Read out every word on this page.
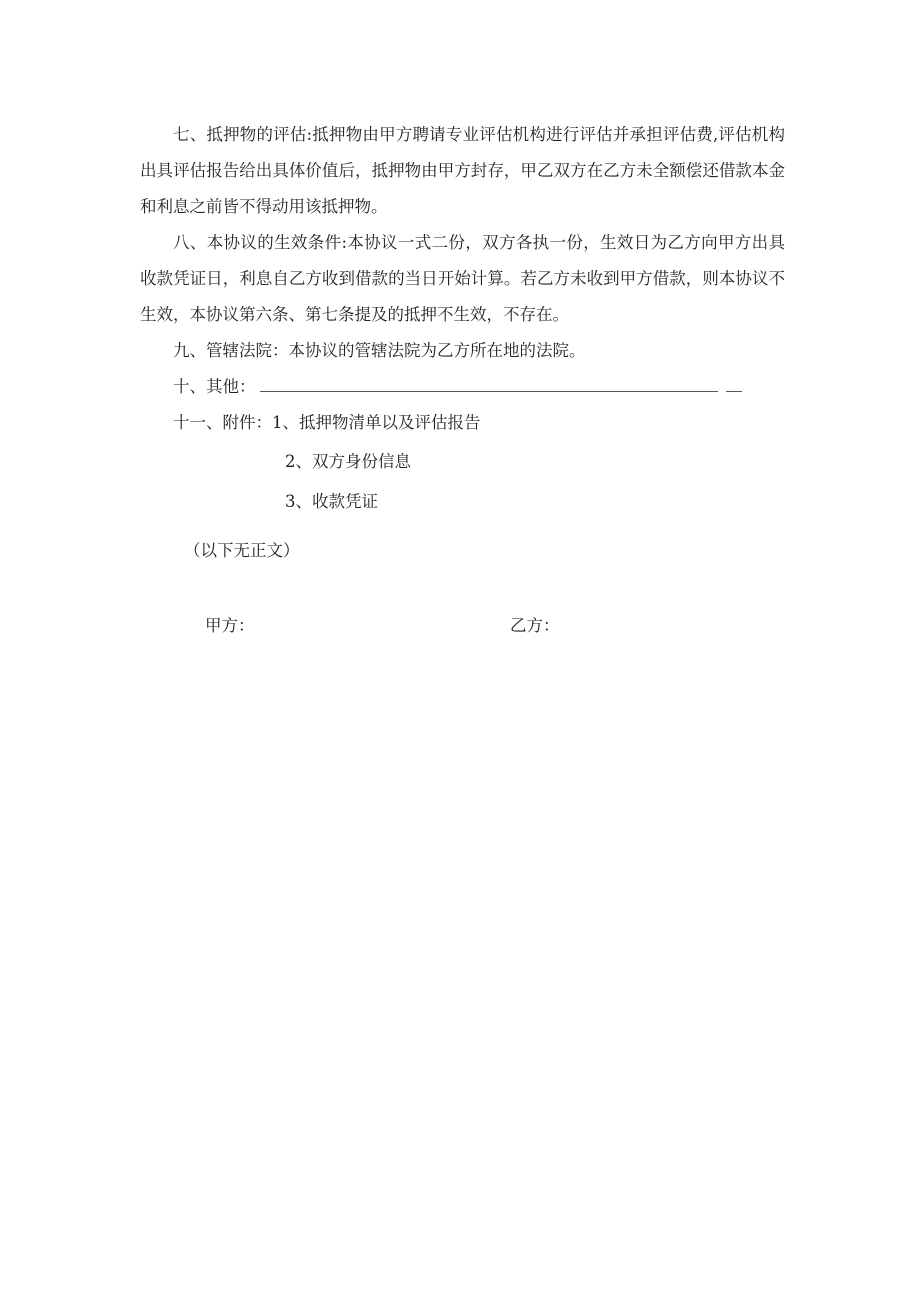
七、抵押物的评估:抵押物由甲方聘请专业评估机构进行评估并承担评估费,评估机构出具评估报告给出具体价值后，抵押物由甲方封存，甲乙双方在乙方未全额偿还借款本金和利息之前皆不得动用该抵押物。

八、本协议的生效条件:本协议一式二份，双方各执一份，生效日为乙方向甲方出具收款凭证日，利息自乙方收到借款的当日开始计算。若乙方未收到甲方借款，则本协议不生效，本协议第六条、第七条提及的抵押不生效，不存在。

九、管辖法院：本协议的管辖法院为乙方所在地的法院。

十、其他：
十一、附件：1、抵押物清单以及评估报告
2、双方身份信息
3、收款凭证
（以下无正文）
甲方：	乙方：
